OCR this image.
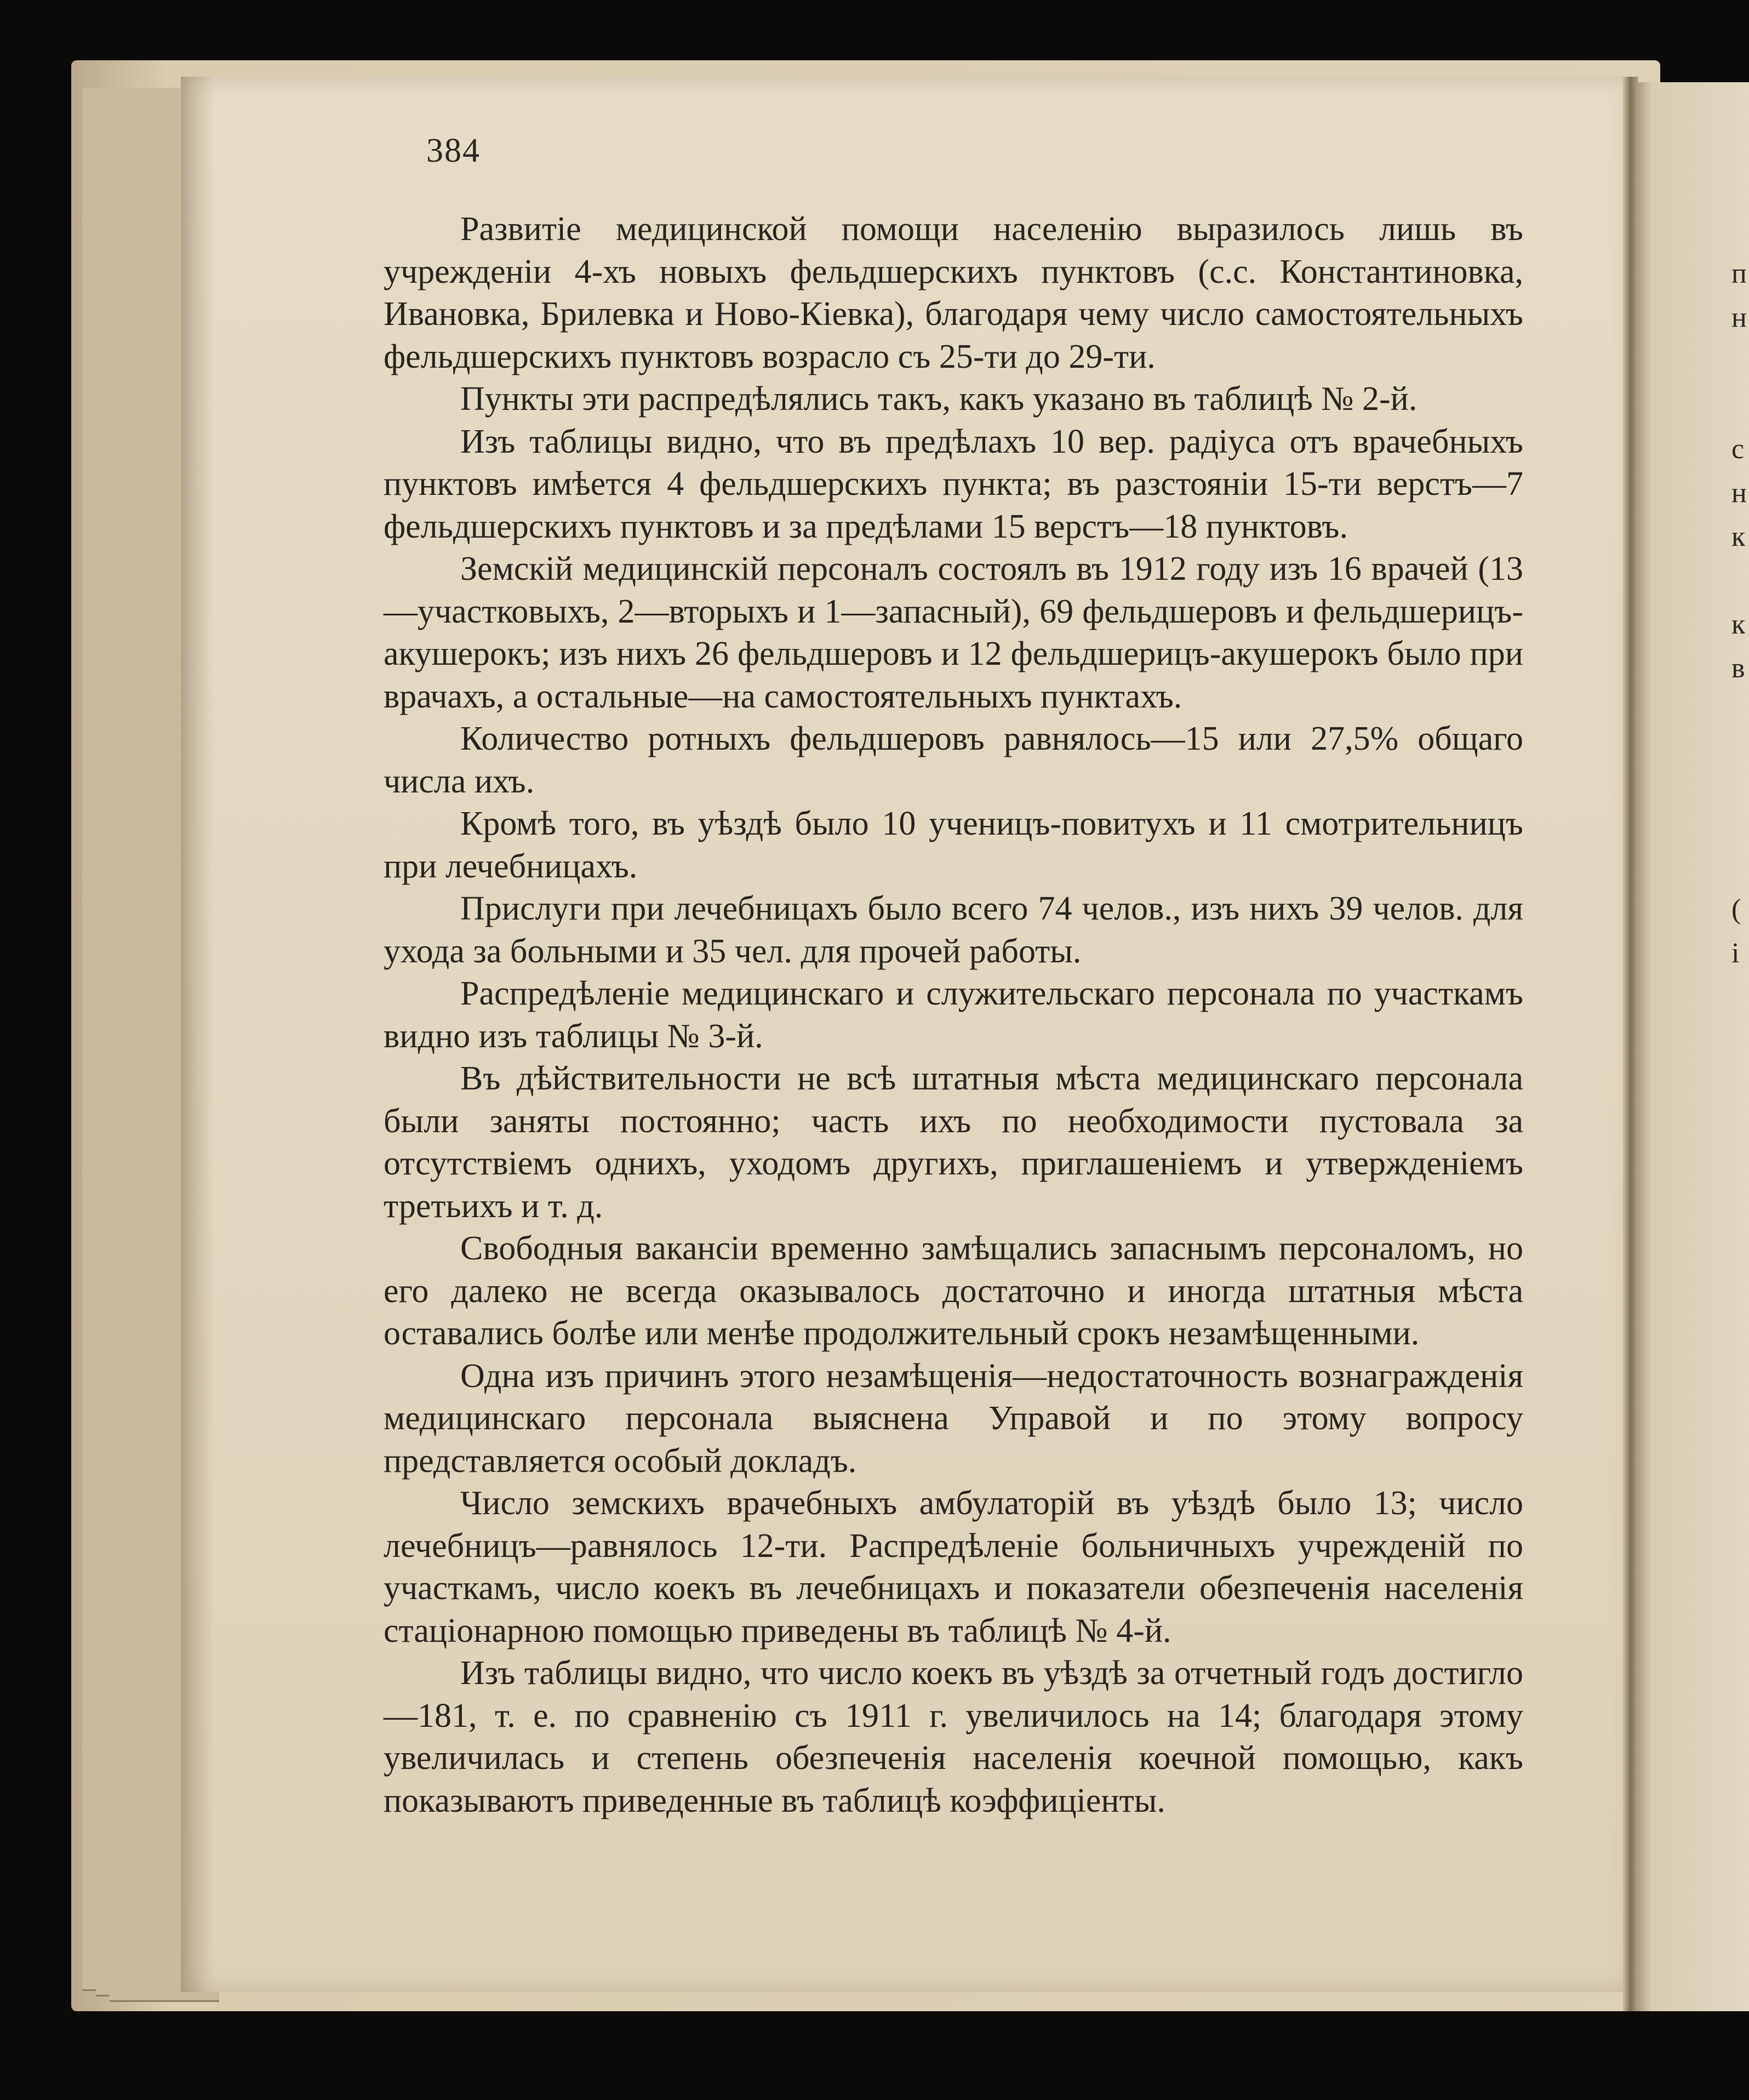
384

Развитіе медицинской помощи населенію выразилось лишь въ учрежденіи 4-хъ новыхъ фельдшерскихъ пунктовъ (с.с. Константиновка, Ивановка, Брилевка и Ново-Кіевка), благодаря чему число самостоятельныхъ фельдшерскихъ пунктовъ возрасло съ 25-ти до 29-ти.

Пункты эти распредѣлялись такъ, какъ указано въ таблицѣ № 2-й.

Изъ таблицы видно, что въ предѣлахъ 10 вер. радіуса отъ врачебныхъ пунктовъ имѣется 4 фельдшерскихъ пункта; въ разстояніи 15-ти верстъ—7 фельдшерскихъ пунктовъ и за предѣлами 15 верстъ—18 пунктовъ.

Земскій медицинскій персоналъ состоялъ въ 1912 году изъ 16 врачей (13—участковыхъ, 2—вторыхъ и 1—запасный), 69 фельдшеровъ и фельдшерицъ-акушерокъ; изъ нихъ 26 фельдшеровъ и 12 фельдшерицъ-акушерокъ было при врачахъ, а остальные—на самостоятельныхъ пунктахъ.

Количество ротныхъ фельдшеровъ равнялось—15 или 27,5% общаго числа ихъ.

Кромѣ того, въ уѣздѣ было 10 ученицъ-повитухъ и 11 смотрительницъ при лечебницахъ.

Прислуги при лечебницахъ было всего 74 челов., изъ нихъ 39 челов. для ухода за больными и 35 чел. для прочей работы.

Распредѣленіе медицинскаго и служительскаго персонала по участкамъ видно изъ таблицы № 3-й.

Въ дѣйствительности не всѣ штатныя мѣста медицинскаго персонала были заняты постоянно; часть ихъ по необходимости пустовала за отсутствіемъ однихъ, уходомъ другихъ, приглашеніемъ и утвержденіемъ третьихъ и т. д.

Свободныя вакансіи временно замѣщались запаснымъ персоналомъ, но его далеко не всегда оказывалось достаточно и иногда штатныя мѣста оставались болѣе или менѣе продолжительный срокъ незамѣщенными.

Одна изъ причинъ этого незамѣщенія—недостаточность вознагражденія медицинскаго персонала выяснена Управой и по этому вопросу представляется особый докладъ.

Число земскихъ врачебныхъ амбулаторій въ уѣздѣ было 13; число лечебницъ—равнялось 12-ти. Распредѣленіе больничныхъ учрежденій по участкамъ, число коекъ въ лечебницахъ и показатели обезпеченія населенія стаціонарною помощью приведены въ таблицѣ № 4-й.

Изъ таблицы видно, что число коекъ въ уѣздѣ за отчетный годъ достигло—181, т. е. по сравненію съ 1911 г. увеличилось на 14; благодаря этому увеличилась и степень обезпеченія населенія коечной помощью, какъ показываютъ приведенные въ таблицѣ коэффиціенты.

п
н
с
н
к
к
в
(
і
